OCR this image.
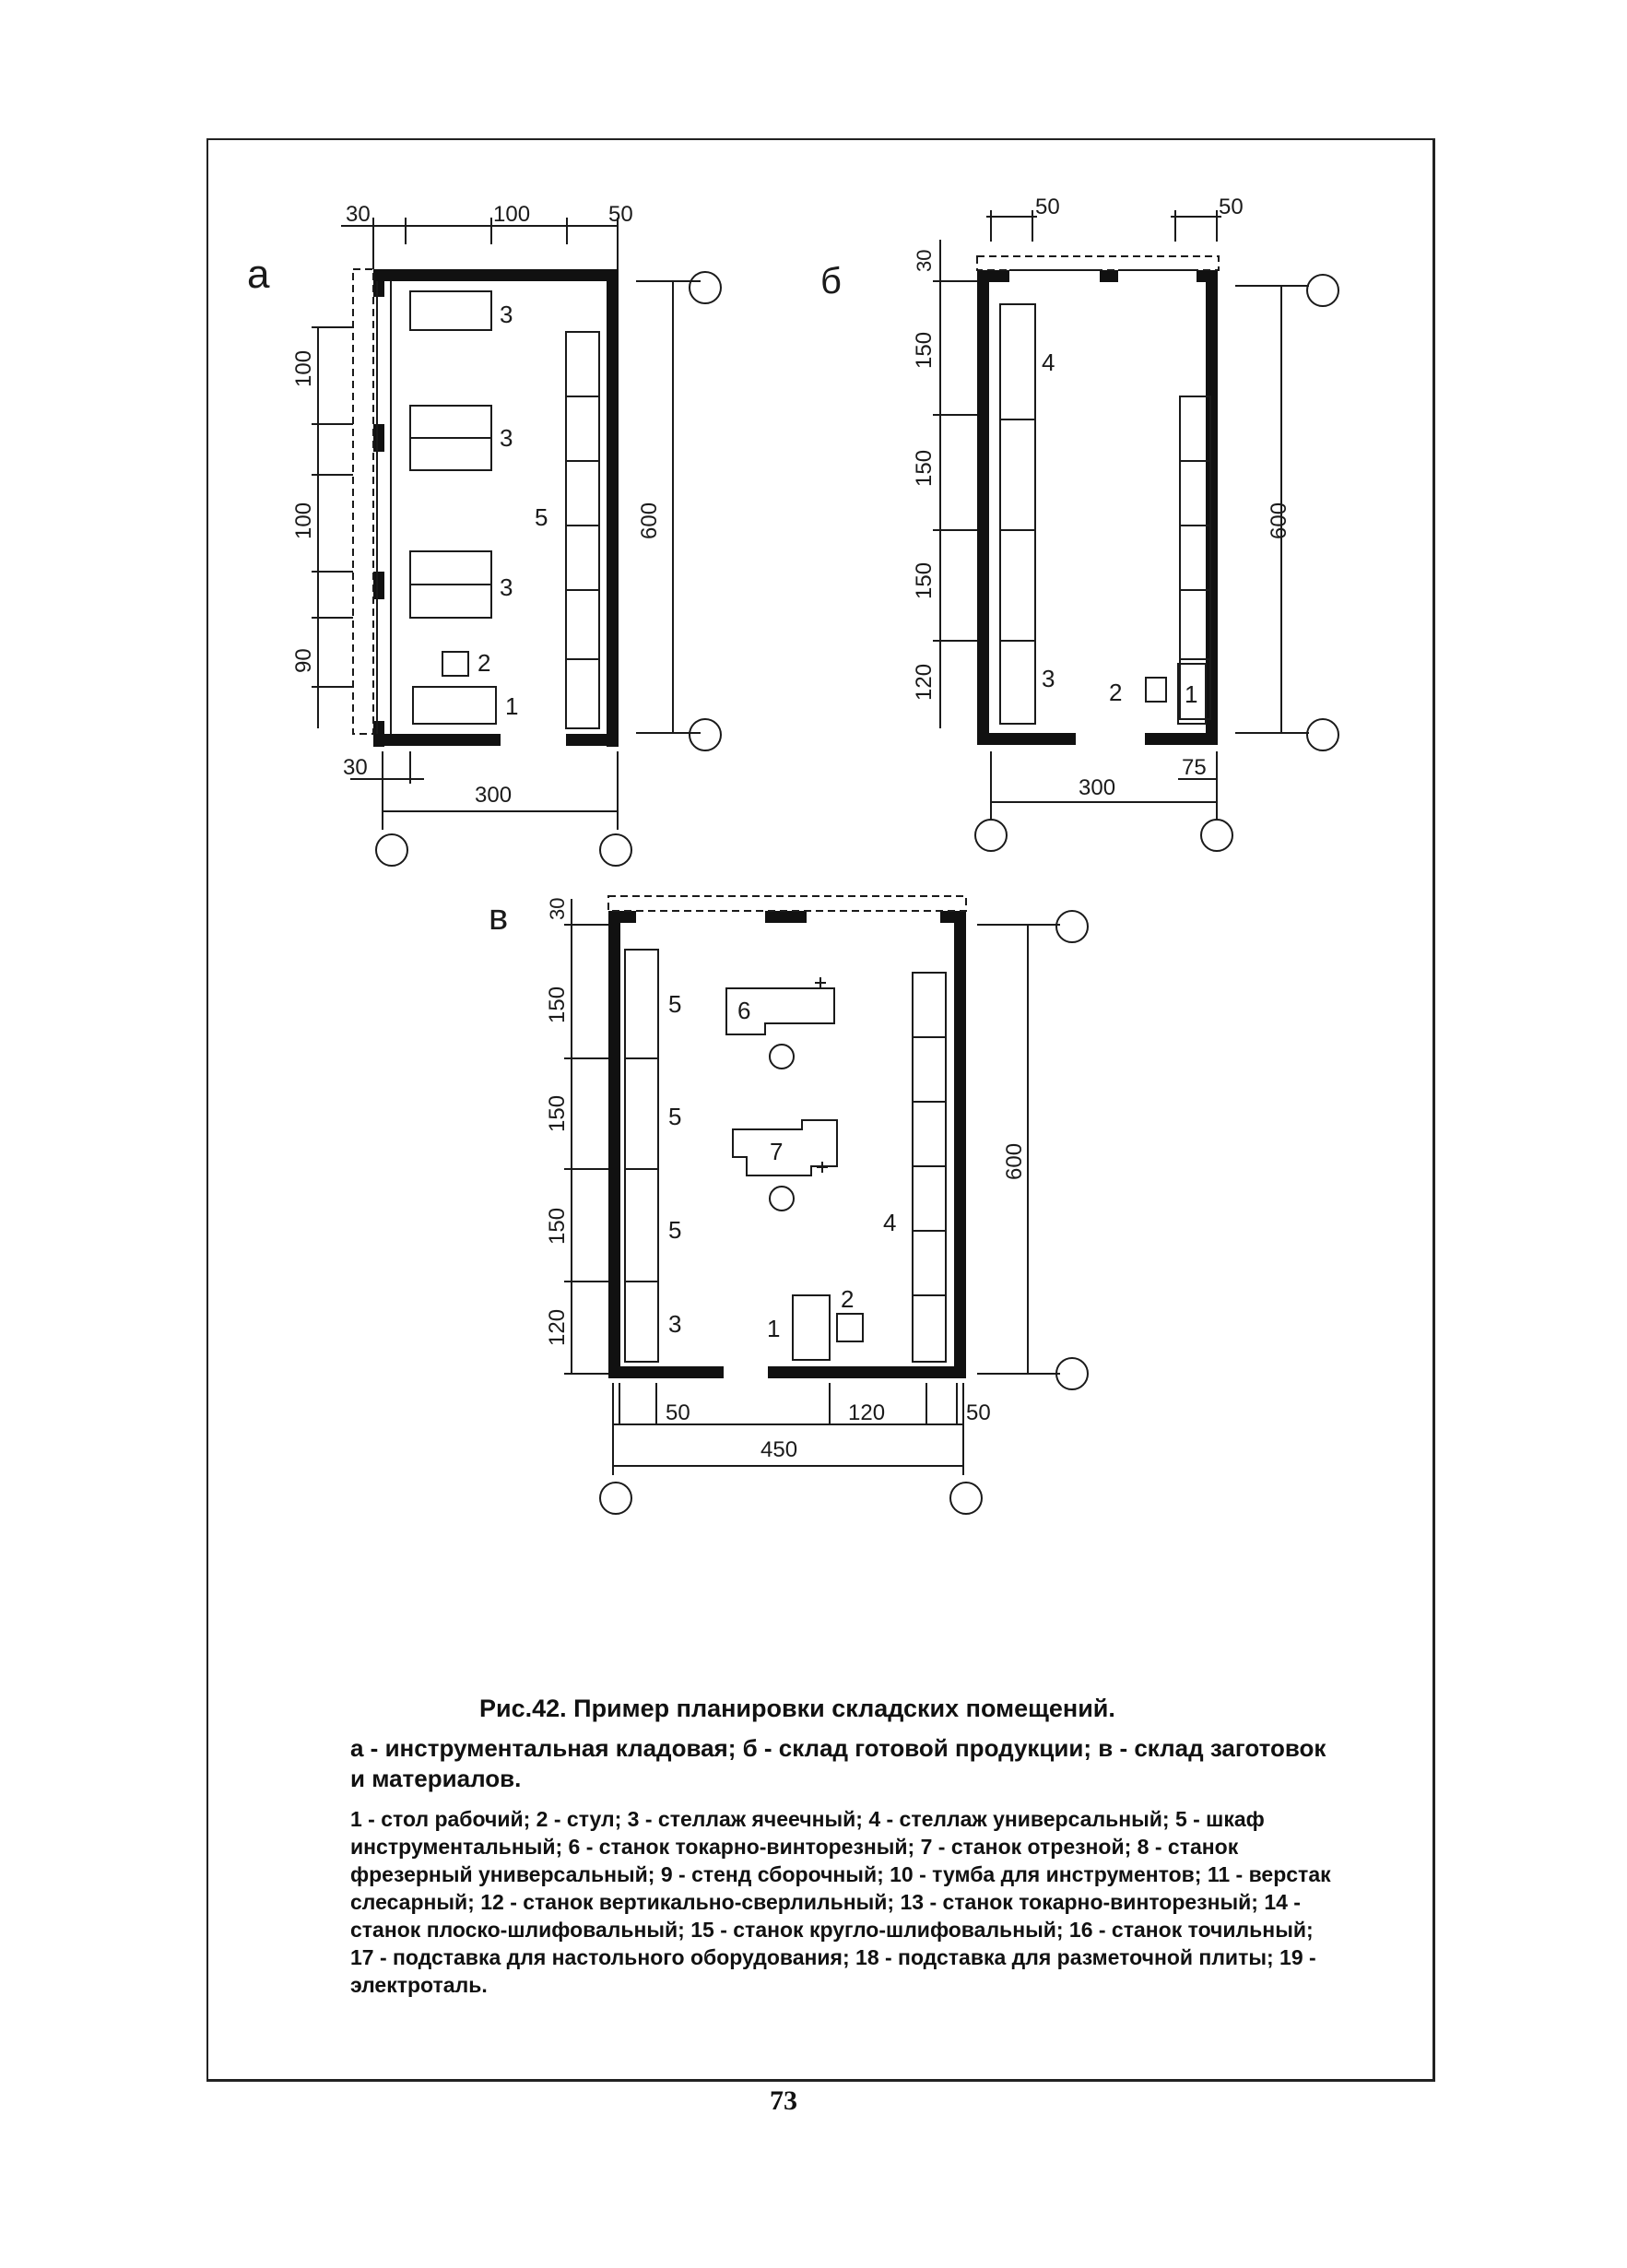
а
30	100	50
100
100
90
30
300
600
3
3
3
2
1
5
б
50	50
30
150
150
150
120
300
75
600
4
3 2	1
в 30
150
150
150
120
600
50	120	50
450
5
5
5
3
6
7
4
1
2
Рис.42. Пример планировки складских помещений.
а - инструментальная кладовая; б - склад готовой продукции; в - склад заготовок и материалов.
1 - стол рабочий; 2 - стул; 3 - стеллаж ячеечный; 4 - стеллаж универсальный; 5 - шкаф инструментальный; 6 - станок токарно-винторезный; 7 - станок отрезной; 8 - станок фрезерный универсальный; 9 - стенд сборочный; 10 - тумба для инструментов; 11 - верстак слесарный; 12 - станок вертикально-сверлильный; 13 - станок токарно-винторезный; 14 - станок плоско-шлифовальный; 15 - станок кругло-шлифовальный; 16 - станок точильный; 17 - подставка для настольного оборудования; 18 - подставка для разметочной плиты; 19 - электроталь.
73
